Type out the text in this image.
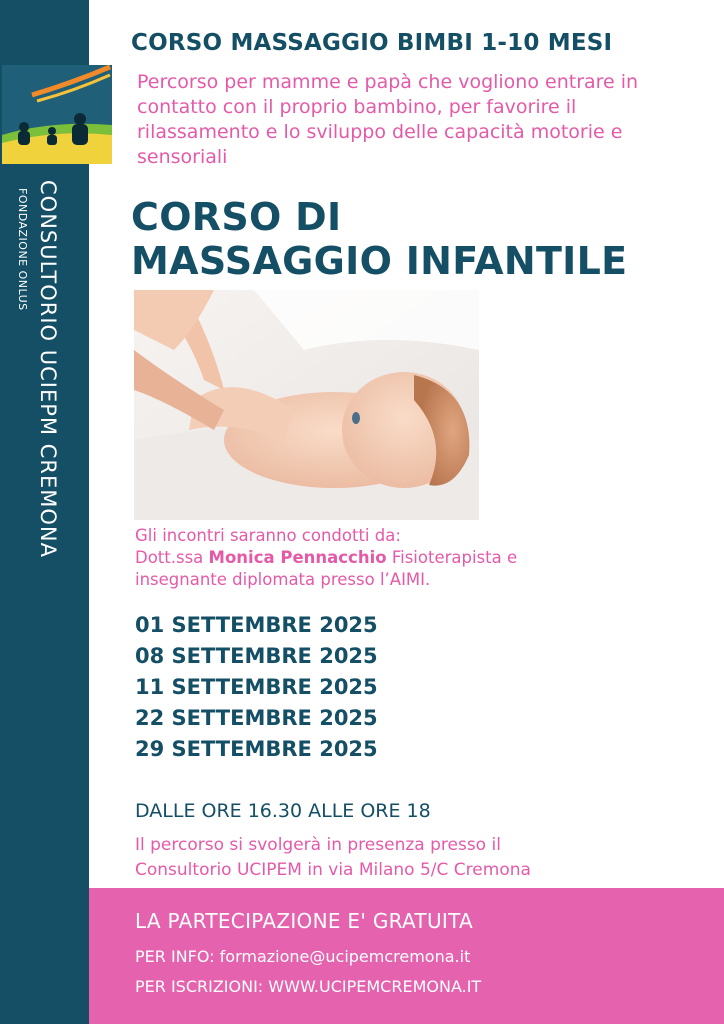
CONSULTORIO UCIEPM CREMONA
FONDAZIONE ONLUS
CORSO MASSAGGIO BIMBI 1-10 MESI
Percorso per mamme e papà che vogliono entrare in contatto con il proprio bambino, per favorire il rilassamento e lo sviluppo delle capacità motorie e sensoriali
CORSO DI
MASSAGGIO INFANTILE
Gli incontri saranno condotti da:
Dott.ssa Monica Pennacchio Fisioterapista e
insegnante diplomata presso l’AIMI.
01 SETTEMBRE 2025
08 SETTEMBRE 2025
11 SETTEMBRE 2025
22 SETTEMBRE 2025
29 SETTEMBRE 2025
DALLE ORE 16.30 ALLE ORE 18
Il percorso si svolgerà in presenza presso il
Consultorio UCIPEM in via Milano 5/C Cremona
LA PARTECIPAZIONE E' GRATUITA
PER INFO: formazione@ucipemcremona.it
PER ISCRIZIONI: WWW.UCIPEMCREMONA.IT
